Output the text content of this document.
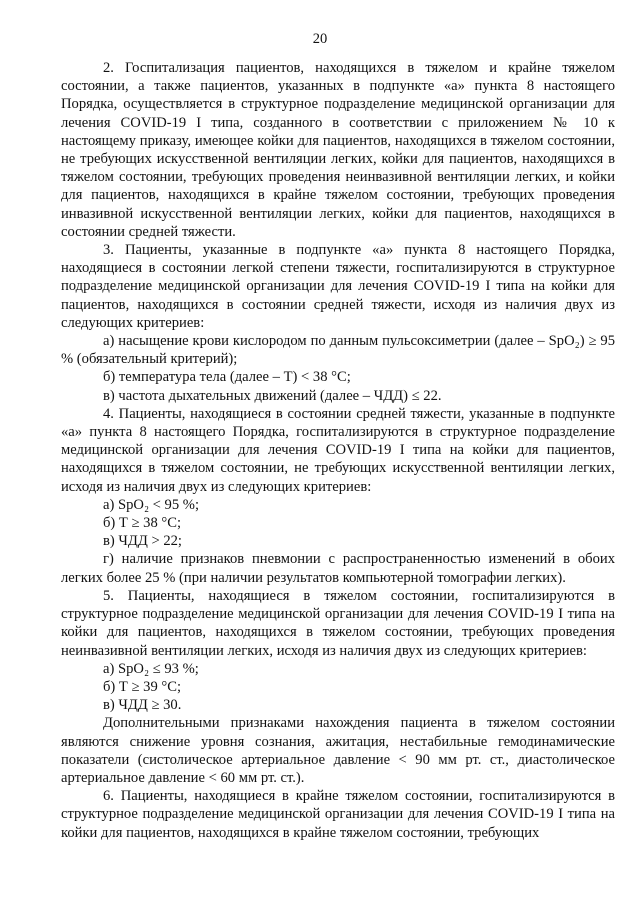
20

2. Госпитализация пациентов, находящихся в тяжелом и крайне тяжелом состоянии, а также пациентов, указанных в подпункте «а» пункта 8 настоящего Порядка, осуществляется в структурное подразделение медицинской организации для лечения COVID-19 I типа, созданного в соответствии с приложением № 10 к настоящему приказу, имеющее койки для пациентов, находящихся в тяжелом состоянии, не требующих искусственной вентиляции легких, койки для пациентов, находящихся в тяжелом состоянии, требующих проведения неинвазивной вентиляции легких, и койки для пациентов, находящихся в крайне тяжелом состоянии, требующих проведения инвазивной искусственной вентиляции легких, койки для пациентов, находящихся в состоянии средней тяжести.

3. Пациенты, указанные в подпункте «а» пункта 8 настоящего Порядка, находящиеся в состоянии легкой степени тяжести, госпитализируются в структурное подразделение медицинской организации для лечения COVID-19 I типа на койки для пациентов, находящихся в состоянии средней тяжести, исходя из наличия двух из следующих критериев:

а) насыщение крови кислородом по данным пульсоксиметрии (далее – SpO₂) ≥ 95 % (обязательный критерий);

б) температура тела (далее – Т) < 38 °С;

в) частота дыхательных движений (далее – ЧДД) ≤ 22.

4. Пациенты, находящиеся в состоянии средней тяжести, указанные в подпункте «а» пункта 8 настоящего Порядка, госпитализируются в структурное подразделение медицинской организации для лечения COVID-19 I типа на койки для пациентов, находящихся в тяжелом состоянии, не требующих искусственной вентиляции легких, исходя из наличия двух из следующих критериев:

а) SpO₂ < 95 %;

б) Т ≥ 38 °С;

в) ЧДД > 22;

г) наличие признаков пневмонии с распространенностью изменений в обоих легких более 25 % (при наличии результатов компьютерной томографии легких).

5. Пациенты, находящиеся в тяжелом состоянии, госпитализируются в структурное подразделение медицинской организации для лечения COVID-19 I типа на койки для пациентов, находящихся в тяжелом состоянии, требующих проведения неинвазивной вентиляции легких, исходя из наличия двух из следующих критериев:

а) SpO₂ ≤ 93 %;

б) Т ≥ 39 °С;

в) ЧДД ≥ 30.

Дополнительными признаками нахождения пациента в тяжелом состоянии являются снижение уровня сознания, ажитация, нестабильные гемодинамические показатели (систолическое артериальное давление < 90 мм рт. ст., диастолическое артериальное давление < 60 мм рт. ст.).

6. Пациенты, находящиеся в крайне тяжелом состоянии, госпитализируются в структурное подразделение медицинской организации для лечения COVID-19 I типа на койки для пациентов, находящихся в крайне тяжелом состоянии, требующих
